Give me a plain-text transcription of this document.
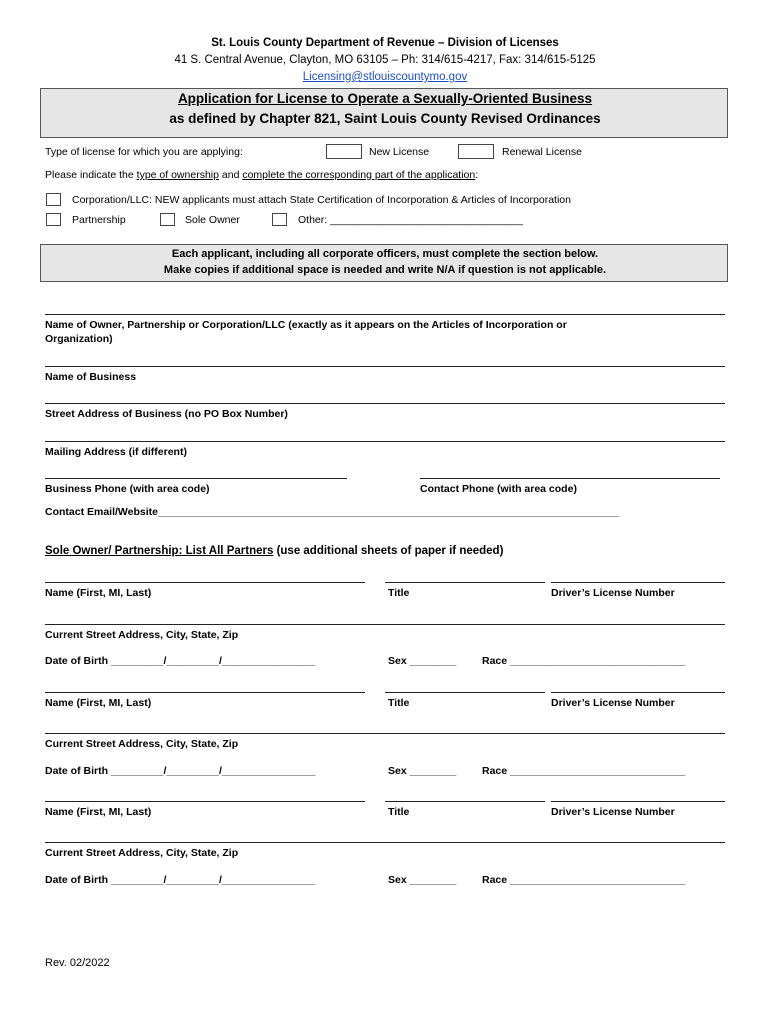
St. Louis County Department of Revenue – Division of Licenses
41 S. Central Avenue, Clayton, MO 63105 – Ph: 314/615-4217, Fax: 314/615-5125
Licensing@stlouiscountymo.gov
Application for License to Operate a Sexually-Oriented Business
as defined by Chapter 821, Saint Louis County Revised Ordinances
Type of license for which you are applying:	New License	Renewal License
Please indicate the type of ownership and complete the corresponding part of the application:
Corporation/LLC: NEW applicants must attach State Certification of Incorporation & Articles of Incorporation
Partnership	Sole Owner	Other: _________________________________
Each applicant, including all corporate officers, must complete the section below.
Make copies if additional space is needed and write N/A if question is not applicable.
Name of Owner, Partnership or Corporation/LLC (exactly as it appears on the Articles of Incorporation or
Organization)
Name of Business
Street Address of Business (no PO Box Number)
Mailing Address (if different)
Business Phone (with area code)	Contact Phone (with area code)
Contact Email/Website_______________________________________________________________________________
Sole Owner/ Partnership: List All Partners (use additional sheets of paper if needed)
Name (First, MI, Last)	Title	Driver’s License Number
Current Street Address, City, State, Zip
Date of Birth _________/_________/________________	Sex ________ Race ______________________________
Name (First, MI, Last)	Title	Driver’s License Number
Current Street Address, City, State, Zip
Date of Birth _________/_________/________________	Sex ________ Race ______________________________
Name (First, MI, Last)	Title	Driver’s License Number
Current Street Address, City, State, Zip
Date of Birth _________/_________/________________	Sex ________ Race ______________________________
Rev. 02/2022
